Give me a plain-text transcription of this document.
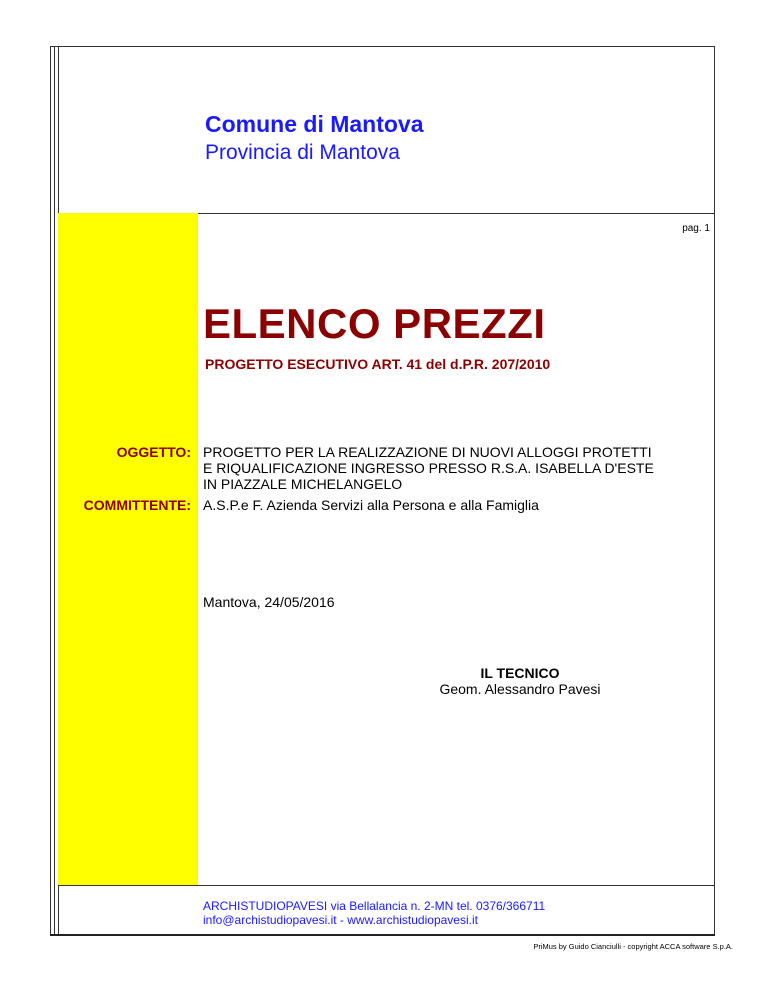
Comune di Mantova
Provincia di Mantova
pag. 1
ELENCO PREZZI
PROGETTO ESECUTIVO ART. 41 del d.P.R. 207/2010
OGGETTO: PROGETTO PER LA REALIZZAZIONE DI NUOVI ALLOGGI PROTETTI
E RIQUALIFICAZIONE INGRESSO PRESSO R.S.A. ISABELLA D'ESTE
IN PIAZZALE MICHELANGELO
COMMITTENTE: A.S.P.e F. Azienda Servizi alla Persona e alla Famiglia
Mantova, 24/05/2016
IL TECNICO
Geom. Alessandro Pavesi
ARCHISTUDIOPAVESI via Bellalancia n. 2-MN tel. 0376/366711
info@archistudiopavesi.it - www.archistudiopavesi.it
PriMus by Guido Cianciulli - copyright ACCA software S.p.A.
